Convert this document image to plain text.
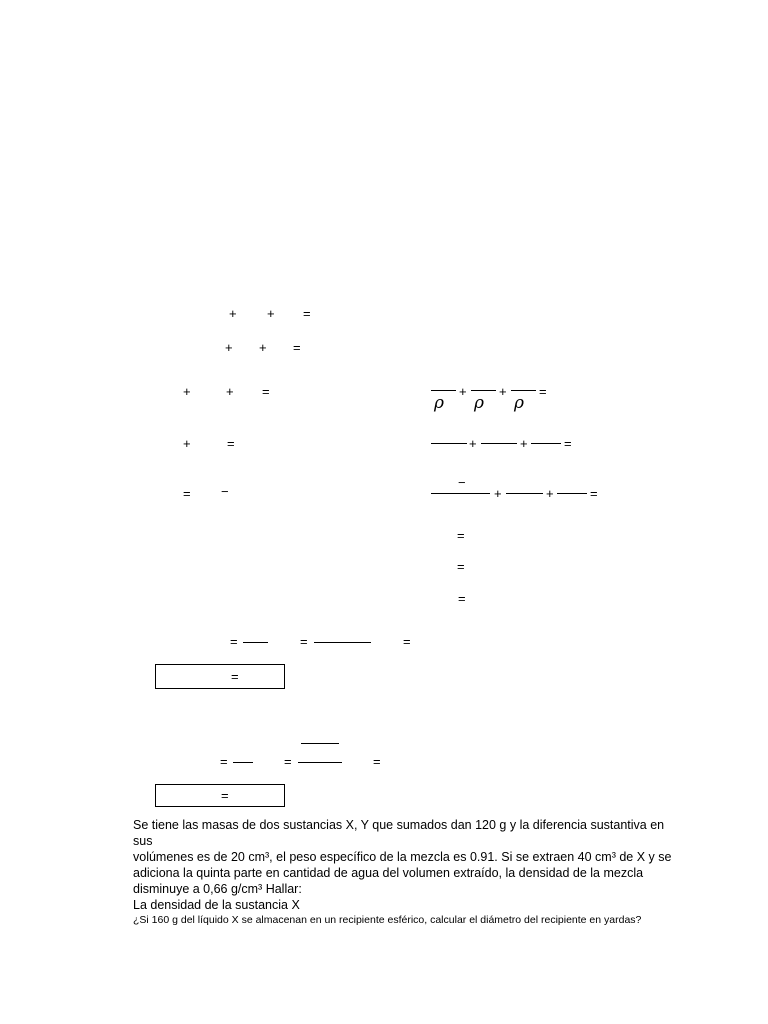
+ + =
+ + =
+	+ =
+	=
= −
+ + =
ρ ρ ρ
+	+	=
−
+	+	=
=
=
=
=	=	=
=
=	=	=
=

Se tiene las masas de dos sustancias X, Y que sumados dan 120 g y la diferencia sustantiva en sus

volúmenes es de 20 cm³, el peso específico de la mezcla es 0.91. Si se extraen 40 cm³ de X y se

adiciona la quinta parte en cantidad de agua del volumen extraído, la densidad de la mezcla

disminuye a 0,66 g/cm³ Hallar:

La densidad de la sustancia X

¿Si 160 g del líquido X se almacenan en un recipiente esférico, calcular el diámetro del recipiente en yardas?
